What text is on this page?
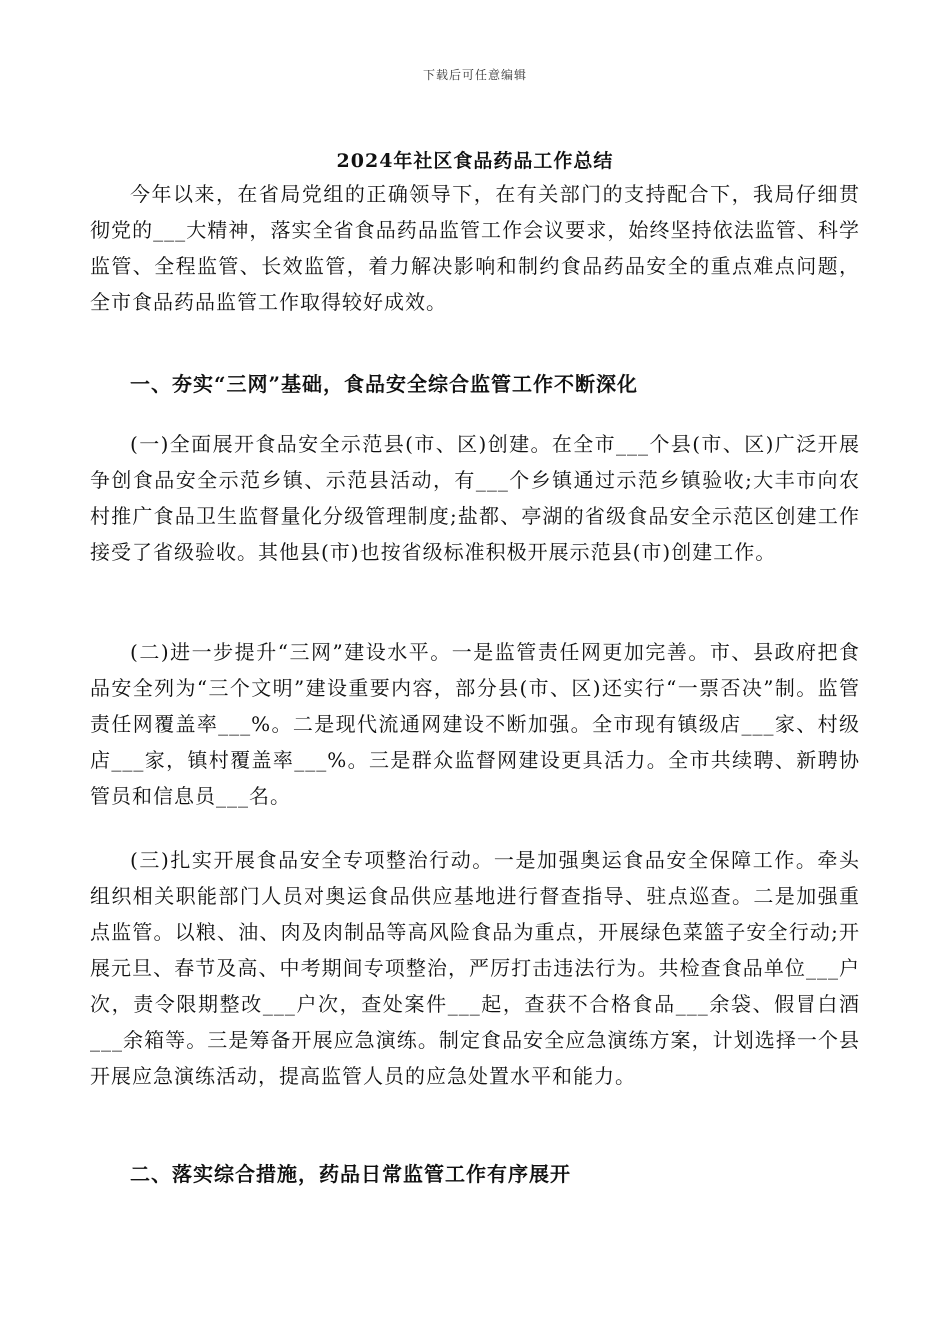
下载后可任意编辑
2024年社区食品药品工作总结

今年以来，在省局党组的正确领导下，在有关部门的支持配合下，我局仔细贯彻党的___大精神，落实全省食品药品监管工作会议要求，始终坚持依法监管、科学监管、全程监管、长效监管，着力解决影响和制约食品药品安全的重点难点问题，全市食品药品监管工作取得较好成效。

一、夯实“三网”基础，食品安全综合监管工作不断深化

(一)全面展开食品安全示范县(市、区)创建。在全市___个县(市、区)广泛开展争创食品安全示范乡镇、示范县活动，有___个乡镇通过示范乡镇验收;大丰市向农村推广食品卫生监督量化分级管理制度;盐都、亭湖的省级食品安全示范区创建工作接受了省级验收。其他县(市)也按省级标准积极开展示范县(市)创建工作。

(二)进一步提升“三网”建设水平。一是监管责任网更加完善。市、县政府把食品安全列为“三个文明”建设重要内容，部分县(市、区)还实行“一票否决”制。监管责任网覆盖率___%。二是现代流通网建设不断加强。全市现有镇级店___家、村级店___家，镇村覆盖率___%。三是群众监督网建设更具活力。全市共续聘、新聘协管员和信息员___名。

(三)扎实开展食品安全专项整治行动。一是加强奥运食品安全保障工作。牵头组织相关职能部门人员对奥运食品供应基地进行督查指导、驻点巡查。二是加强重点监管。以粮、油、肉及肉制品等高风险食品为重点，开展绿色菜篮子安全行动;开展元旦、春节及高、中考期间专项整治，严厉打击违法行为。共检查食品单位___户次，责令限期整改___户次，查处案件___起，查获不合格食品___余袋、假冒白酒___余箱等。三是筹备开展应急演练。制定食品安全应急演练方案，计划选择一个县开展应急演练活动，提高监管人员的应急处置水平和能力。

二、落实综合措施，药品日常监管工作有序展开
